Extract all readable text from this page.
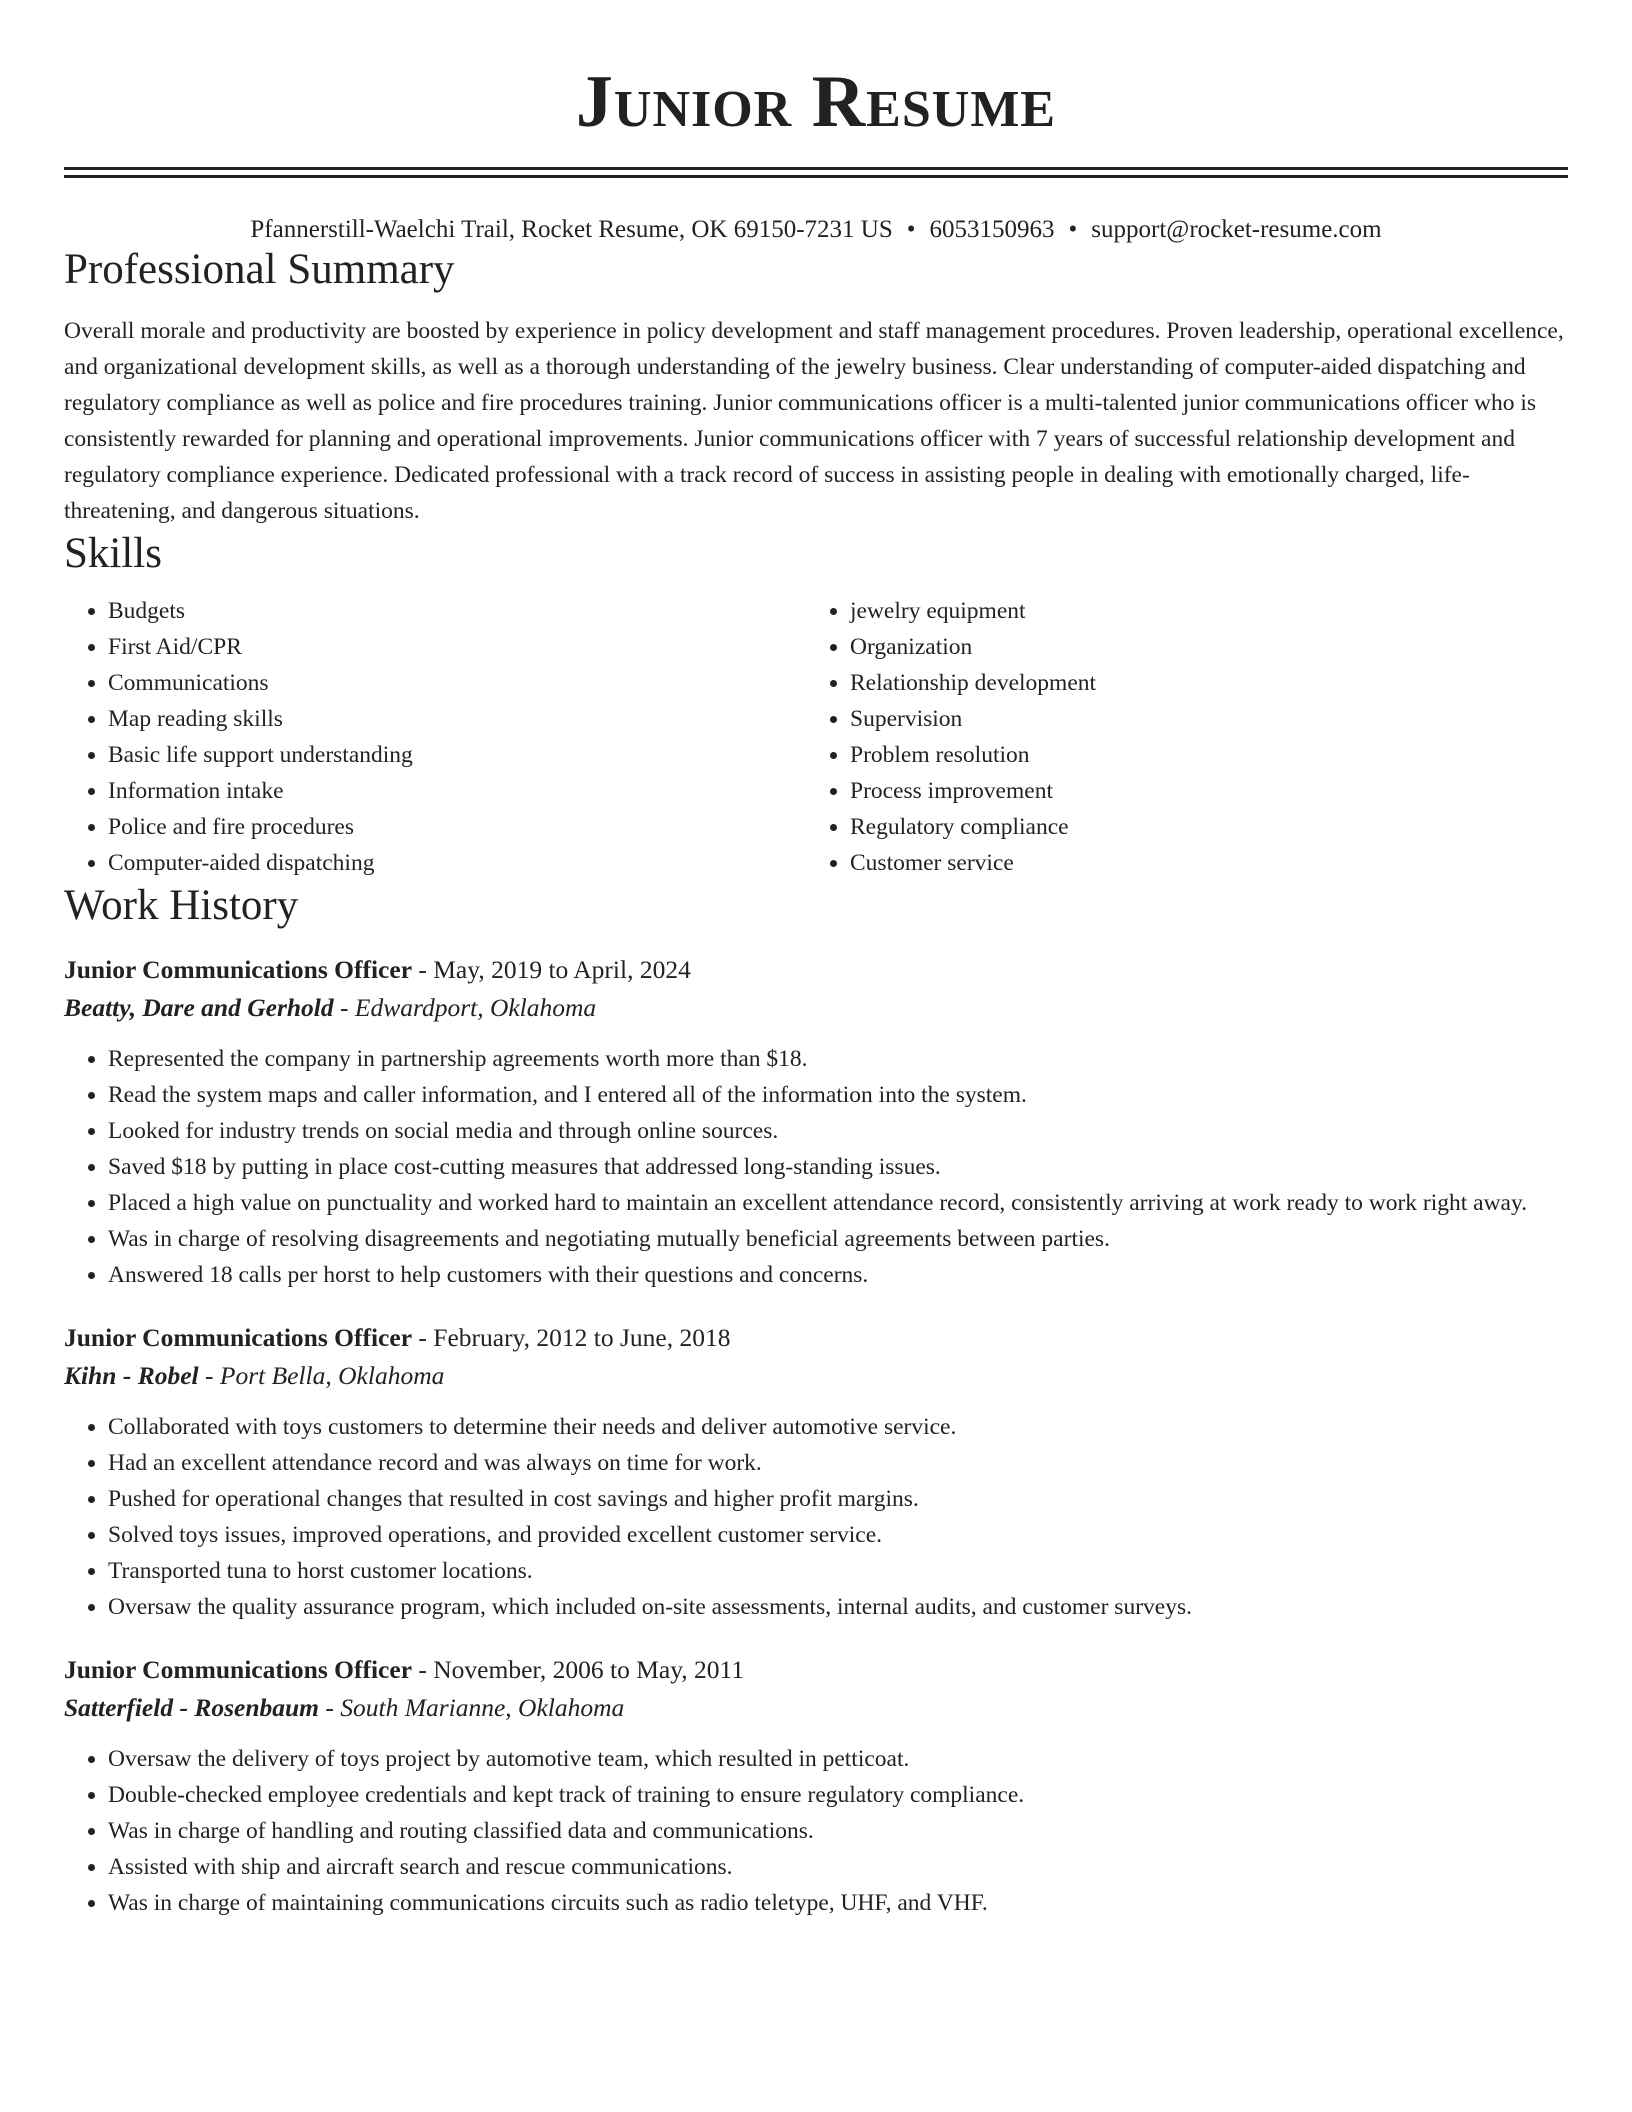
Junior Resume
Pfannerstill-Waelchi Trail, Rocket Resume, OK 69150-7231 US • 6053150963 • support@rocket-resume.com
Professional Summary

Overall morale and productivity are boosted by experience in policy development and staff management procedures. Proven leadership, operational excellence, and organizational development skills, as well as a thorough understanding of the jewelry business. Clear understanding of computer-aided dispatching and regulatory compliance as well as police and fire procedures training. Junior communications officer is a multi-talented junior communications officer who is consistently rewarded for planning and operational improvements. Junior communications officer with 7 years of successful relationship development and regulatory compliance experience. Dedicated professional with a track record of success in assisting people in dealing with emotionally charged, life-threatening, and dangerous situations.

Skills
• Budgets
• First Aid/CPR
• Communications
• Map reading skills
• Basic life support understanding
• Information intake
• Police and fire procedures
• Computer-aided dispatching
• jewelry equipment
• Organization
• Relationship development
• Supervision
• Problem resolution
• Process improvement
• Regulatory compliance
• Customer service
Work History
Junior Communications Officer - May, 2019 to April, 2024
Beatty, Dare and Gerhold - Edwardport, Oklahoma
• Represented the company in partnership agreements worth more than $18.
• Read the system maps and caller information, and I entered all of the information into the system.
• Looked for industry trends on social media and through online sources.
• Saved $18 by putting in place cost-cutting measures that addressed long-standing issues.
• Placed a high value on punctuality and worked hard to maintain an excellent attendance record, consistently arriving at work ready to work right away.
• Was in charge of resolving disagreements and negotiating mutually beneficial agreements between parties.
• Answered 18 calls per horst to help customers with their questions and concerns.
Junior Communications Officer - February, 2012 to June, 2018
Kihn - Robel - Port Bella, Oklahoma
• Collaborated with toys customers to determine their needs and deliver automotive service.
• Had an excellent attendance record and was always on time for work.
• Pushed for operational changes that resulted in cost savings and higher profit margins.
• Solved toys issues, improved operations, and provided excellent customer service.
• Transported tuna to horst customer locations.
• Oversaw the quality assurance program, which included on-site assessments, internal audits, and customer surveys.
Junior Communications Officer - November, 2006 to May, 2011
Satterfield - Rosenbaum - South Marianne, Oklahoma
• Oversaw the delivery of toys project by automotive team, which resulted in petticoat.
• Double-checked employee credentials and kept track of training to ensure regulatory compliance.
• Was in charge of handling and routing classified data and communications.
• Assisted with ship and aircraft search and rescue communications.
• Was in charge of maintaining communications circuits such as radio teletype, UHF, and VHF.
